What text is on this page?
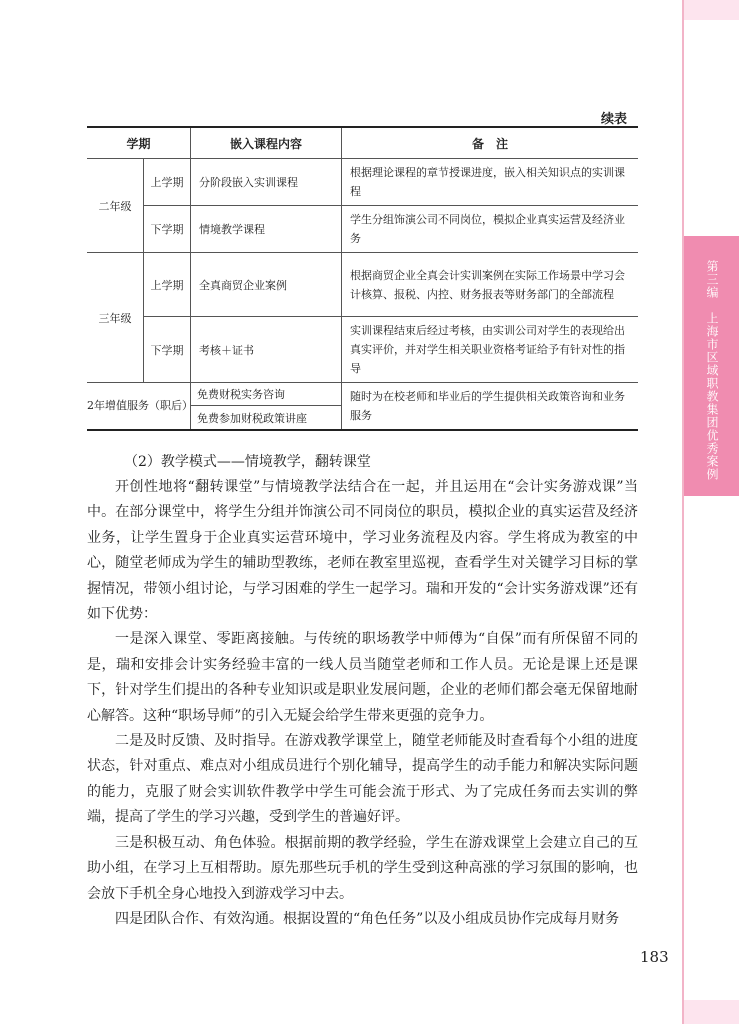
第三编　上海市区域职教集团优秀案例
续表
学期		嵌入课程内容	备　注
二年级	上学期	分阶段嵌入实训课程	根据理论课程的章节授课进度，嵌入相关知识点的实训课程
	下学期	情境教学课程	学生分组饰演公司不同岗位，模拟企业真实运营及经济业务
三年级	上学期	全真商贸企业案例	根据商贸企业全真会计实训案例在实际工作场景中学习会计核算、报税、内控、财务报表等财务部门的全部流程
	下学期	考核＋证书	实训课程结束后经过考核，由实训公司对学生的表现给出真实评价，并对学生相关职业资格考证给予有针对性的指导
2年增值服务（职后）		免费财税实务咨询	随时为在校老师和毕业后的学生提供相关政策咨询和业务服务
		免费参加财税政策讲座	
（2）教学模式——情境教学，翻转课堂

开创性地将“翻转课堂”与情境教学法结合在一起，并且运用在“会计实务游戏课”当中。在部分课堂中，将学生分组并饰演公司不同岗位的职员，模拟企业的真实运营及经济业务，让学生置身于企业真实运营环境中，学习业务流程及内容。学生将成为教室的中心，随堂老师成为学生的辅助型教练，老师在教室里巡视，查看学生对关键学习目标的掌握情况，带领小组讨论，与学习困难的学生一起学习。瑞和开发的“会计实务游戏课”还有如下优势：

一是深入课堂、零距离接触。与传统的职场教学中师傅为“自保”而有所保留不同的是，瑞和安排会计实务经验丰富的一线人员当随堂老师和工作人员。无论是课上还是课下，针对学生们提出的各种专业知识或是职业发展问题，企业的老师们都会毫无保留地耐心解答。这种“职场导师”的引入无疑会给学生带来更强的竞争力。

二是及时反馈、及时指导。在游戏教学课堂上，随堂老师能及时查看每个小组的进度状态，针对重点、难点对小组成员进行个别化辅导，提高学生的动手能力和解决实际问题的能力，克服了财会实训软件教学中学生可能会流于形式、为了完成任务而去实训的弊端，提高了学生的学习兴趣，受到学生的普遍好评。

三是积极互动、角色体验。根据前期的教学经验，学生在游戏课堂上会建立自己的互助小组，在学习上互相帮助。原先那些玩手机的学生受到这种高涨的学习氛围的影响，也会放下手机全身心地投入到游戏学习中去。

四是团队合作、有效沟通。根据设置的“角色任务”以及小组成员协作完成每月财务

183
